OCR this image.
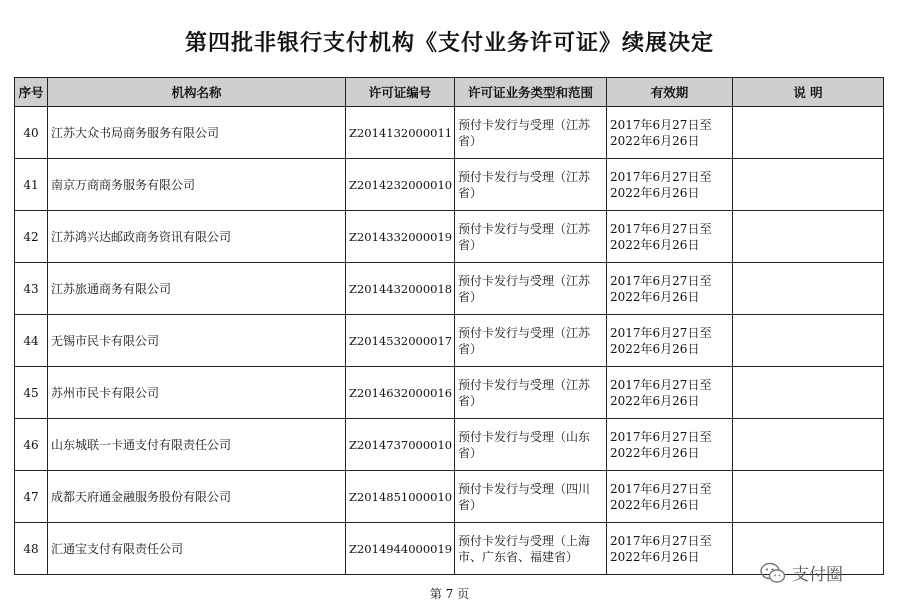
第四批非银行支付机构《支付业务许可证》续展决定
序号	机构名称	许可证编号	许可证业务类型和范围	有效期	说 明
40	江苏大众书局商务服务有限公司	Z2014132000011	预付卡发行与受理（江苏省）	2017年6月27日至2022年6月26日	
41	南京万商商务服务有限公司	Z2014232000010	预付卡发行与受理（江苏省）	2017年6月27日至2022年6月26日	
42	江苏鸿兴达邮政商务资讯有限公司	Z2014332000019	预付卡发行与受理（江苏省）	2017年6月27日至2022年6月26日	
43	江苏旅通商务有限公司	Z2014432000018	预付卡发行与受理（江苏省）	2017年6月27日至2022年6月26日	
44	无锡市民卡有限公司	Z2014532000017	预付卡发行与受理（江苏省）	2017年6月27日至2022年6月26日	
45	苏州市民卡有限公司	Z2014632000016	预付卡发行与受理（江苏省）	2017年6月27日至2022年6月26日	
46	山东城联一卡通支付有限责任公司	Z2014737000010	预付卡发行与受理（山东省）	2017年6月27日至2022年6月26日	
47	成都天府通金融服务股份有限公司	Z2014851000010	预付卡发行与受理（四川省）	2017年6月27日至2022年6月26日	
48	汇通宝支付有限责任公司	Z2014944000019	预付卡发行与受理（上海市、广东省、福建省）	2017年6月27日至2022年6月26日	
第 7 页
支付圈
